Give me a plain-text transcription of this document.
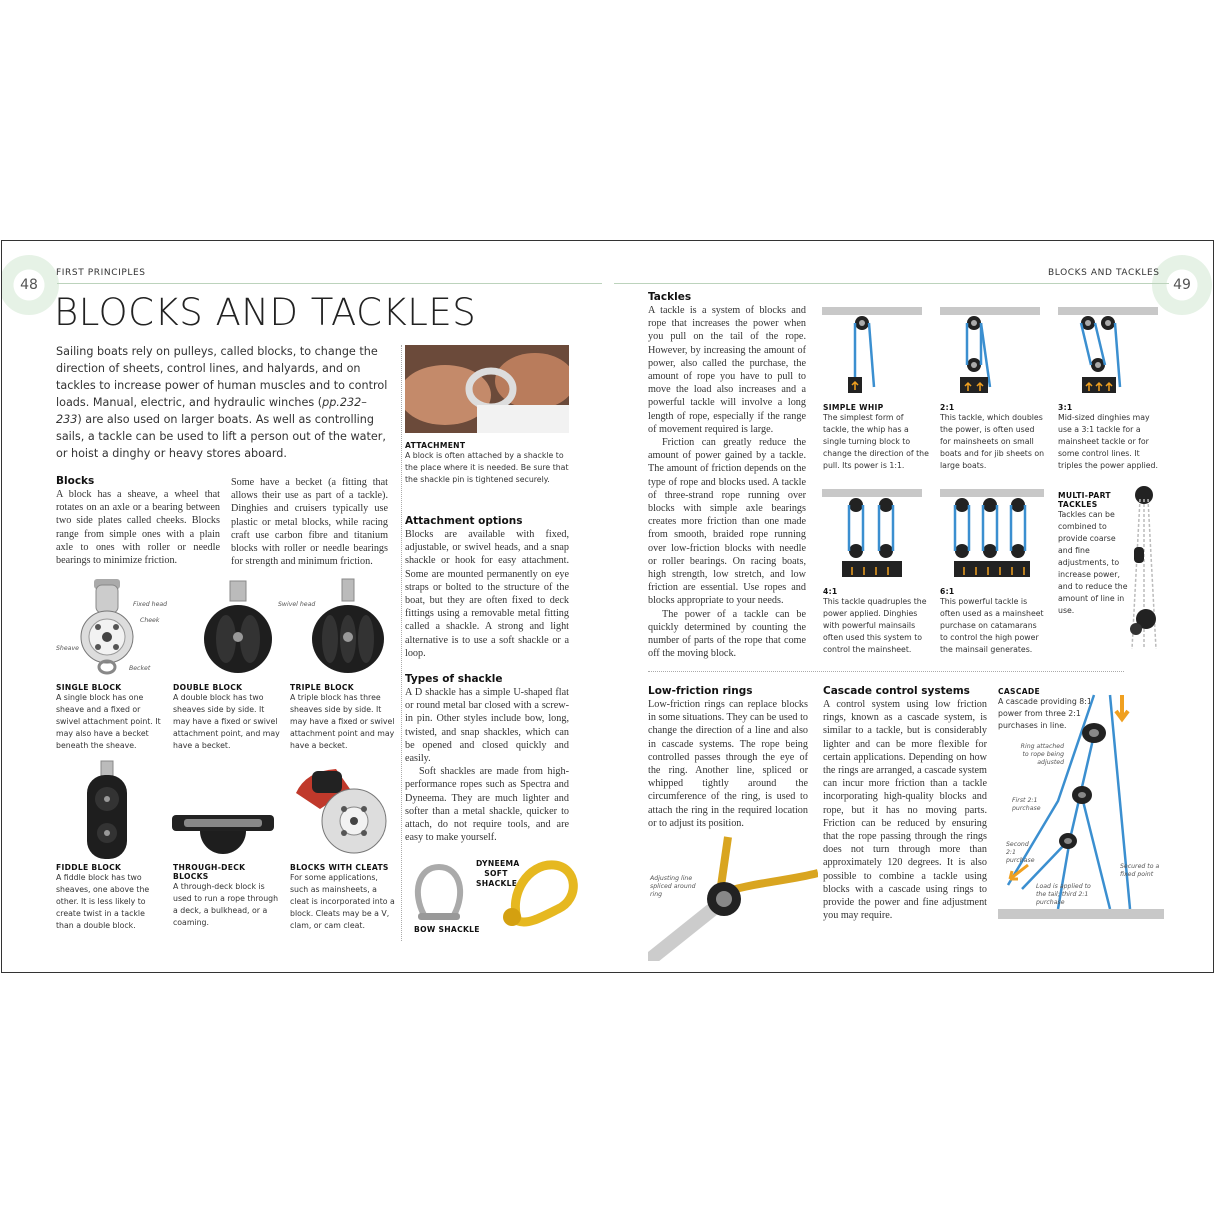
48
FIRST PRINCIPLES
BLOCKS AND TACKLES
Sailing boats rely on pulleys, called blocks, to change the direction of sheets, control lines, and halyards, and on tackles to increase power of human muscles and to control loads. Manual, electric, and hydraulic winches (pp.232–233) are also used on larger boats. As well as controlling sails, a tackle can be used to lift a person out of the water, or hoist a dinghy or heavy stores aboard.
Blocks
A block has a sheave, a wheel that rotates on an axle or a bearing between two side plates called cheeks. Blocks range from simple ones with a plain axle to ones with roller or needle bearings to minimize friction.
Some have a becket (a fitting that allows their use as part of a tackle). Dinghies and cruisers typically use plastic or metal blocks, while racing craft use carbon fibre and titanium blocks with roller or needle bearings for strength and minimum friction.
Fixed head
Cheek
Sheave
Becket
Swivel head
SINGLE BLOCK
A single block has one sheave and a fixed or swivel attachment point. It may also have a becket beneath the sheave.
DOUBLE BLOCK
A double block has two sheaves side by side. It may have a fixed or swivel attachment point, and may have a becket.
TRIPLE BLOCK
A triple block has three sheaves side by side. It may have a fixed or swivel attachment point and may have a becket.
FIDDLE BLOCK
A fiddle block has two sheaves, one above the other. It is less likely to create twist in a tackle than a double block.
THROUGH-DECK
BLOCKS
A through-deck block is used to run a rope through a deck, a bulkhead, or a coaming.
BLOCKS WITH CLEATS
For some applications, such as mainsheets, a cleat is incorporated into a block. Cleats may be a V, clam, or cam cleat.
ATTACHMENT
A block is often attached by a shackle to the place where it is needed. Be sure that the shackle pin is tightened securely.
Attachment options
Blocks are available with fixed, adjustable, or swivel heads, and a snap shackle or hook for easy attachment. Some are mounted permanently on eye straps or bolted to the structure of the boat, but they are often fixed to deck fittings using a removable metal fitting called a shackle. A strong and light alternative is to use a soft shackle or a loop.
Types of shackle
A D shackle has a simple U-shaped flat or round metal bar closed with a screw-in pin. Other styles include bow, long, twisted, and snap shackles, which can be opened and closed quickly and easily.
Soft shackles are made from high-performance ropes such as Spectra and Dyneema. They are much lighter and softer than a metal shackle, quicker to attach, do not require tools, and are easy to make yourself.
BOW SHACKLE
DYNEEMA
SOFT
SHACKLE
49
BLOCKS AND TACKLES
Tackles
A tackle is a system of blocks and rope that increases the power when you pull on the tail of the rope. However, by increasing the amount of power, also called the purchase, the amount of rope you have to pull to move the load also increases and a powerful tackle will involve a long length of rope, especially if the range of movement required is large.
Friction can greatly reduce the amount of power gained by a tackle. The amount of friction depends on the type of rope and blocks used. A tackle of three-strand rope running over blocks with simple axle bearings creates more friction than one made from smooth, braided rope running over low-friction blocks with needle or roller bearings. On racing boats, high strength, low stretch, and low friction are essential. Use ropes and blocks appropriate to your needs.
The power of a tackle can be quickly determined by counting the number of parts of the rope that come off the moving block.
SIMPLE WHIP
The simplest form of tackle, the whip has a single turning block to change the direction of the pull. Its power is 1:1.
2:1
This tackle, which doubles the power, is often used for mainsheets on small boats and for jib sheets on large boats.
3:1
Mid-sized dinghies may use a 3:1 tackle for a mainsheet tackle or for some control lines. It triples the power applied.
4:1
This tackle quadruples the power applied. Dinghies with powerful mainsails often used this system to control the mainsheet.
6:1
This powerful tackle is often used as a mainsheet purchase on catamarans to control the high power the mainsail generates.
MULTI-PART
TACKLES
Tackles can be combined to provide coarse and fine adjustments, to increase power, and to reduce the amount of line in use.
Low-friction rings
Low-friction rings can replace blocks in some situations. They can be used to change the direction of a line and also in cascade systems. The rope being controlled passes through the eye of the ring. Another line, spliced or whipped tightly around the circumference of the ring, is used to attach the ring in the required location or to adjust its position.
Adjusting line spliced around ring
Cascade control systems
A control system using low friction rings, known as a cascade system, is similar to a tackle, but is considerably lighter and can be more flexible for certain applications. Depending on how the rings are arranged, a cascade system can incur more friction than a tackle incorporating high-quality blocks and rope, but it has no moving parts. Friction can be reduced by ensuring that the rope passing through the rings does not turn through more than approximately 120 degrees. It is also possible to combine a tackle using blocks with a cascade using rings to provide the power and fine adjustment you may require.
CASCADE
A cascade providing 8:1 power from three 2:1 purchases in line.
Ring attached to rope being adjusted
First 2:1 purchase
Second 2:1 purchase
Secured to a fixed point
Load is applied to the tail; third 2:1 purchase
